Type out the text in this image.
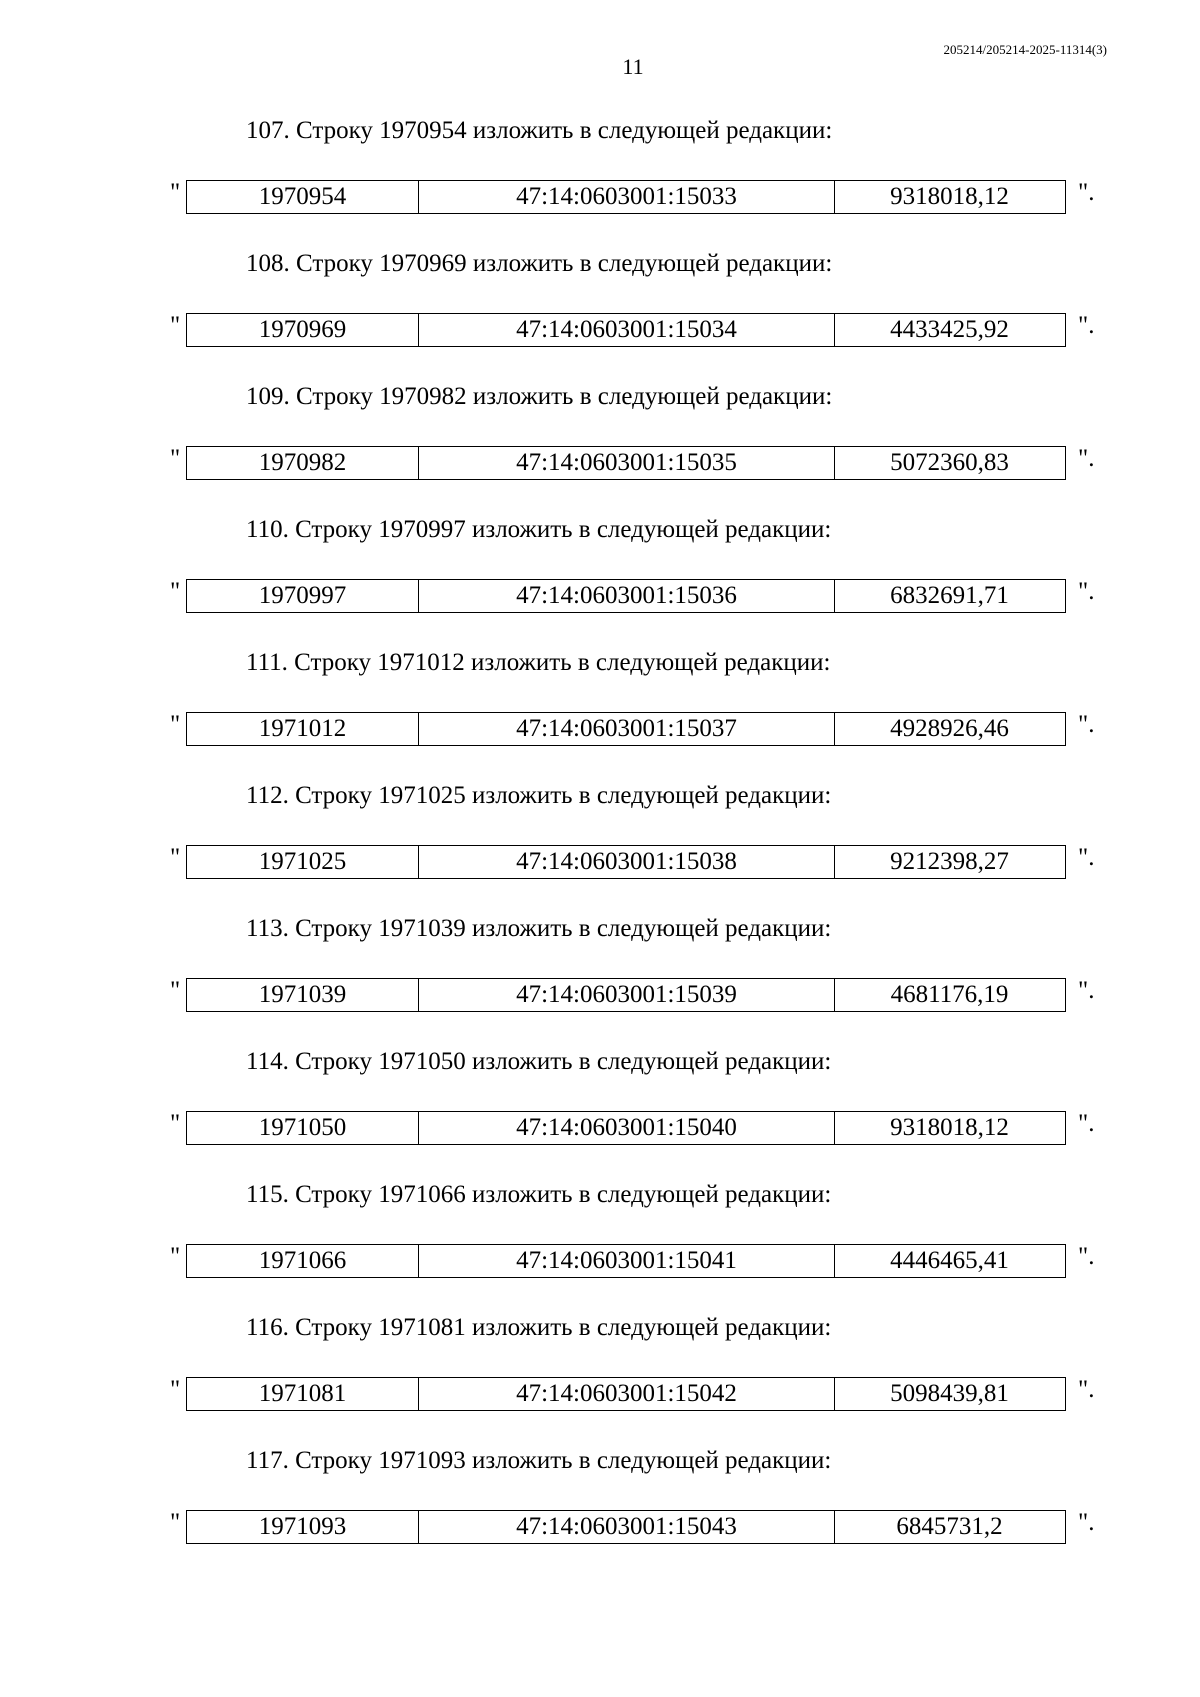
205214/205214-2025-11314(3)
11
107. Строку 1970954 изложить в следующей редакции:
"	1970954	47:14:0603001:15033	9318018,12	".
108. Строку 1970969 изложить в следующей редакции:
"	1970969	47:14:0603001:15034	4433425,92	".
109. Строку 1970982 изложить в следующей редакции:
"	1970982	47:14:0603001:15035	5072360,83	".
110. Строку 1970997 изложить в следующей редакции:
"	1970997	47:14:0603001:15036	6832691,71	".
111. Строку 1971012 изложить в следующей редакции:
"	1971012	47:14:0603001:15037	4928926,46	".
112. Строку 1971025 изложить в следующей редакции:
"	1971025	47:14:0603001:15038	9212398,27	".
113. Строку 1971039 изложить в следующей редакции:
"	1971039	47:14:0603001:15039	4681176,19	".
114. Строку 1971050 изложить в следующей редакции:
"	1971050	47:14:0603001:15040	9318018,12	".
115. Строку 1971066 изложить в следующей редакции:
"	1971066	47:14:0603001:15041	4446465,41	".
116. Строку 1971081 изложить в следующей редакции:
"	1971081	47:14:0603001:15042	5098439,81	".
117. Строку 1971093 изложить в следующей редакции:
"	1971093	47:14:0603001:15043	6845731,2	".
